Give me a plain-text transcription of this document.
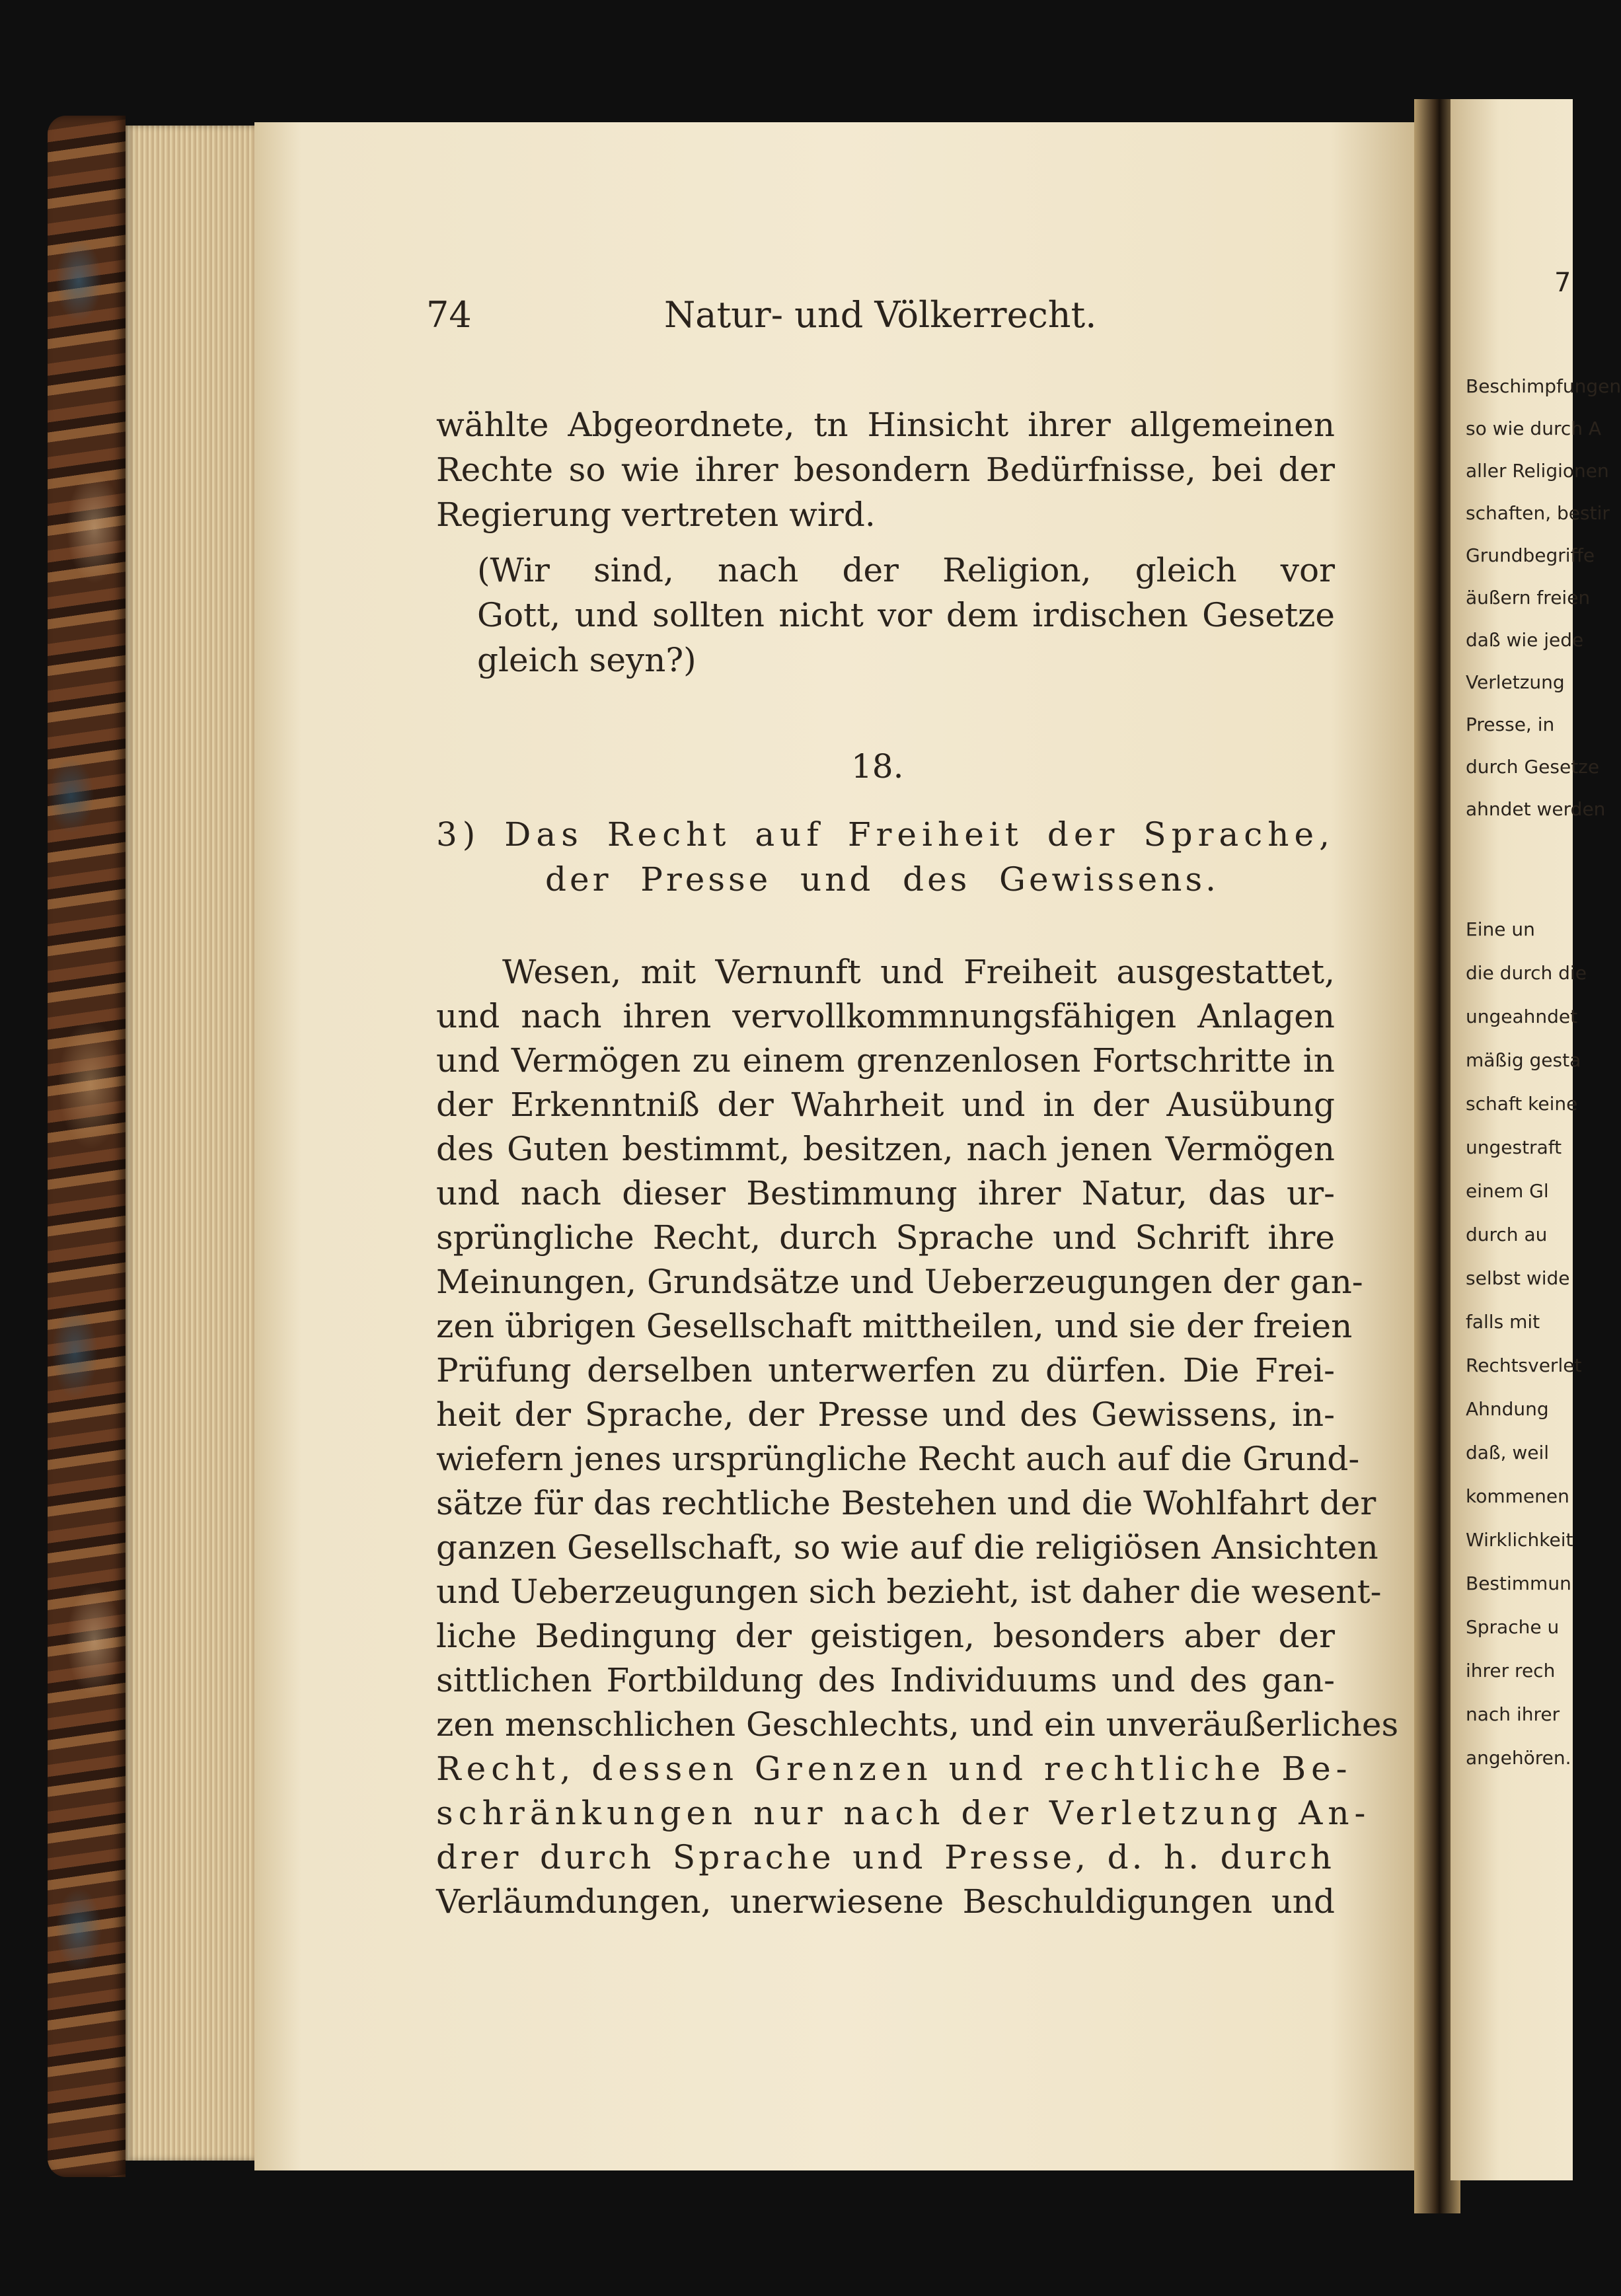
74	Natur- und Völkerrecht.
wählte Abgeordnete, tn Hinsicht ihrer allgemeinen
Rechte so wie ihrer besondern Bedürfnisse, bei der
Regierung vertreten wird.
(Wir sind, nach der Religion, gleich vor
Gott, und sollten nicht vor dem irdischen Gesetze
gleich seyn?)
18.
3) Das Recht auf Freiheit der Sprache,
der Presse und des Gewissens.
Wesen, mit Vernunft und Freiheit ausgestattet,
und nach ihren vervollkommnungsfähigen Anlagen
und Vermögen zu einem grenzenlosen Fortschritte in
der Erkenntniß der Wahrheit und in der Ausübung
des Guten bestimmt, besitzen, nach jenen Vermögen
und nach dieser Bestimmung ihrer Natur, das ur-
sprüngliche Recht, durch Sprache und Schrift ihre
Meinungen, Grundsätze und Ueberzeugungen der gan-
zen übrigen Gesellschaft mittheilen, und sie der freien
Prüfung derselben unterwerfen zu dürfen. Die Frei-
heit der Sprache, der Presse und des Gewissens, in-
wiefern jenes ursprüngliche Recht auch auf die Grund-
sätze für das rechtliche Bestehen und die Wohlfahrt der
ganzen Gesellschaft, so wie auf die religiösen Ansichten
und Ueberzeugungen sich bezieht, ist daher die wesent-
liche Bedingung der geistigen, besonders aber der
sittlichen Fortbildung des Individuums und des gan-
zen menschlichen Geschlechts, und ein unveräußerliches
Recht, dessen Grenzen und rechtliche Be-
schränkungen nur nach der Verletzung An-
drer durch Sprache und Presse, d. h. durch
Verläumdungen, unerwiesene Beschuldigungen und
7
Beschimpfungen
so wie durch A
aller Religionen
schaften, bestir
Grundbegriffe
äußern freien
daß wie jede
Verletzung
Presse, in
durch Gesetze
ahndet werden
Eine un
die durch die
ungeahndet
mäßig gesta
schaft keine
ungestraft
einem Gl
durch au
selbst wide
falls mit
Rechtsverlet
Ahndung
daß, weil
kommenen
Wirklichkeit
Bestimmun
Sprache u
ihrer rech
nach ihrer
angehören.
